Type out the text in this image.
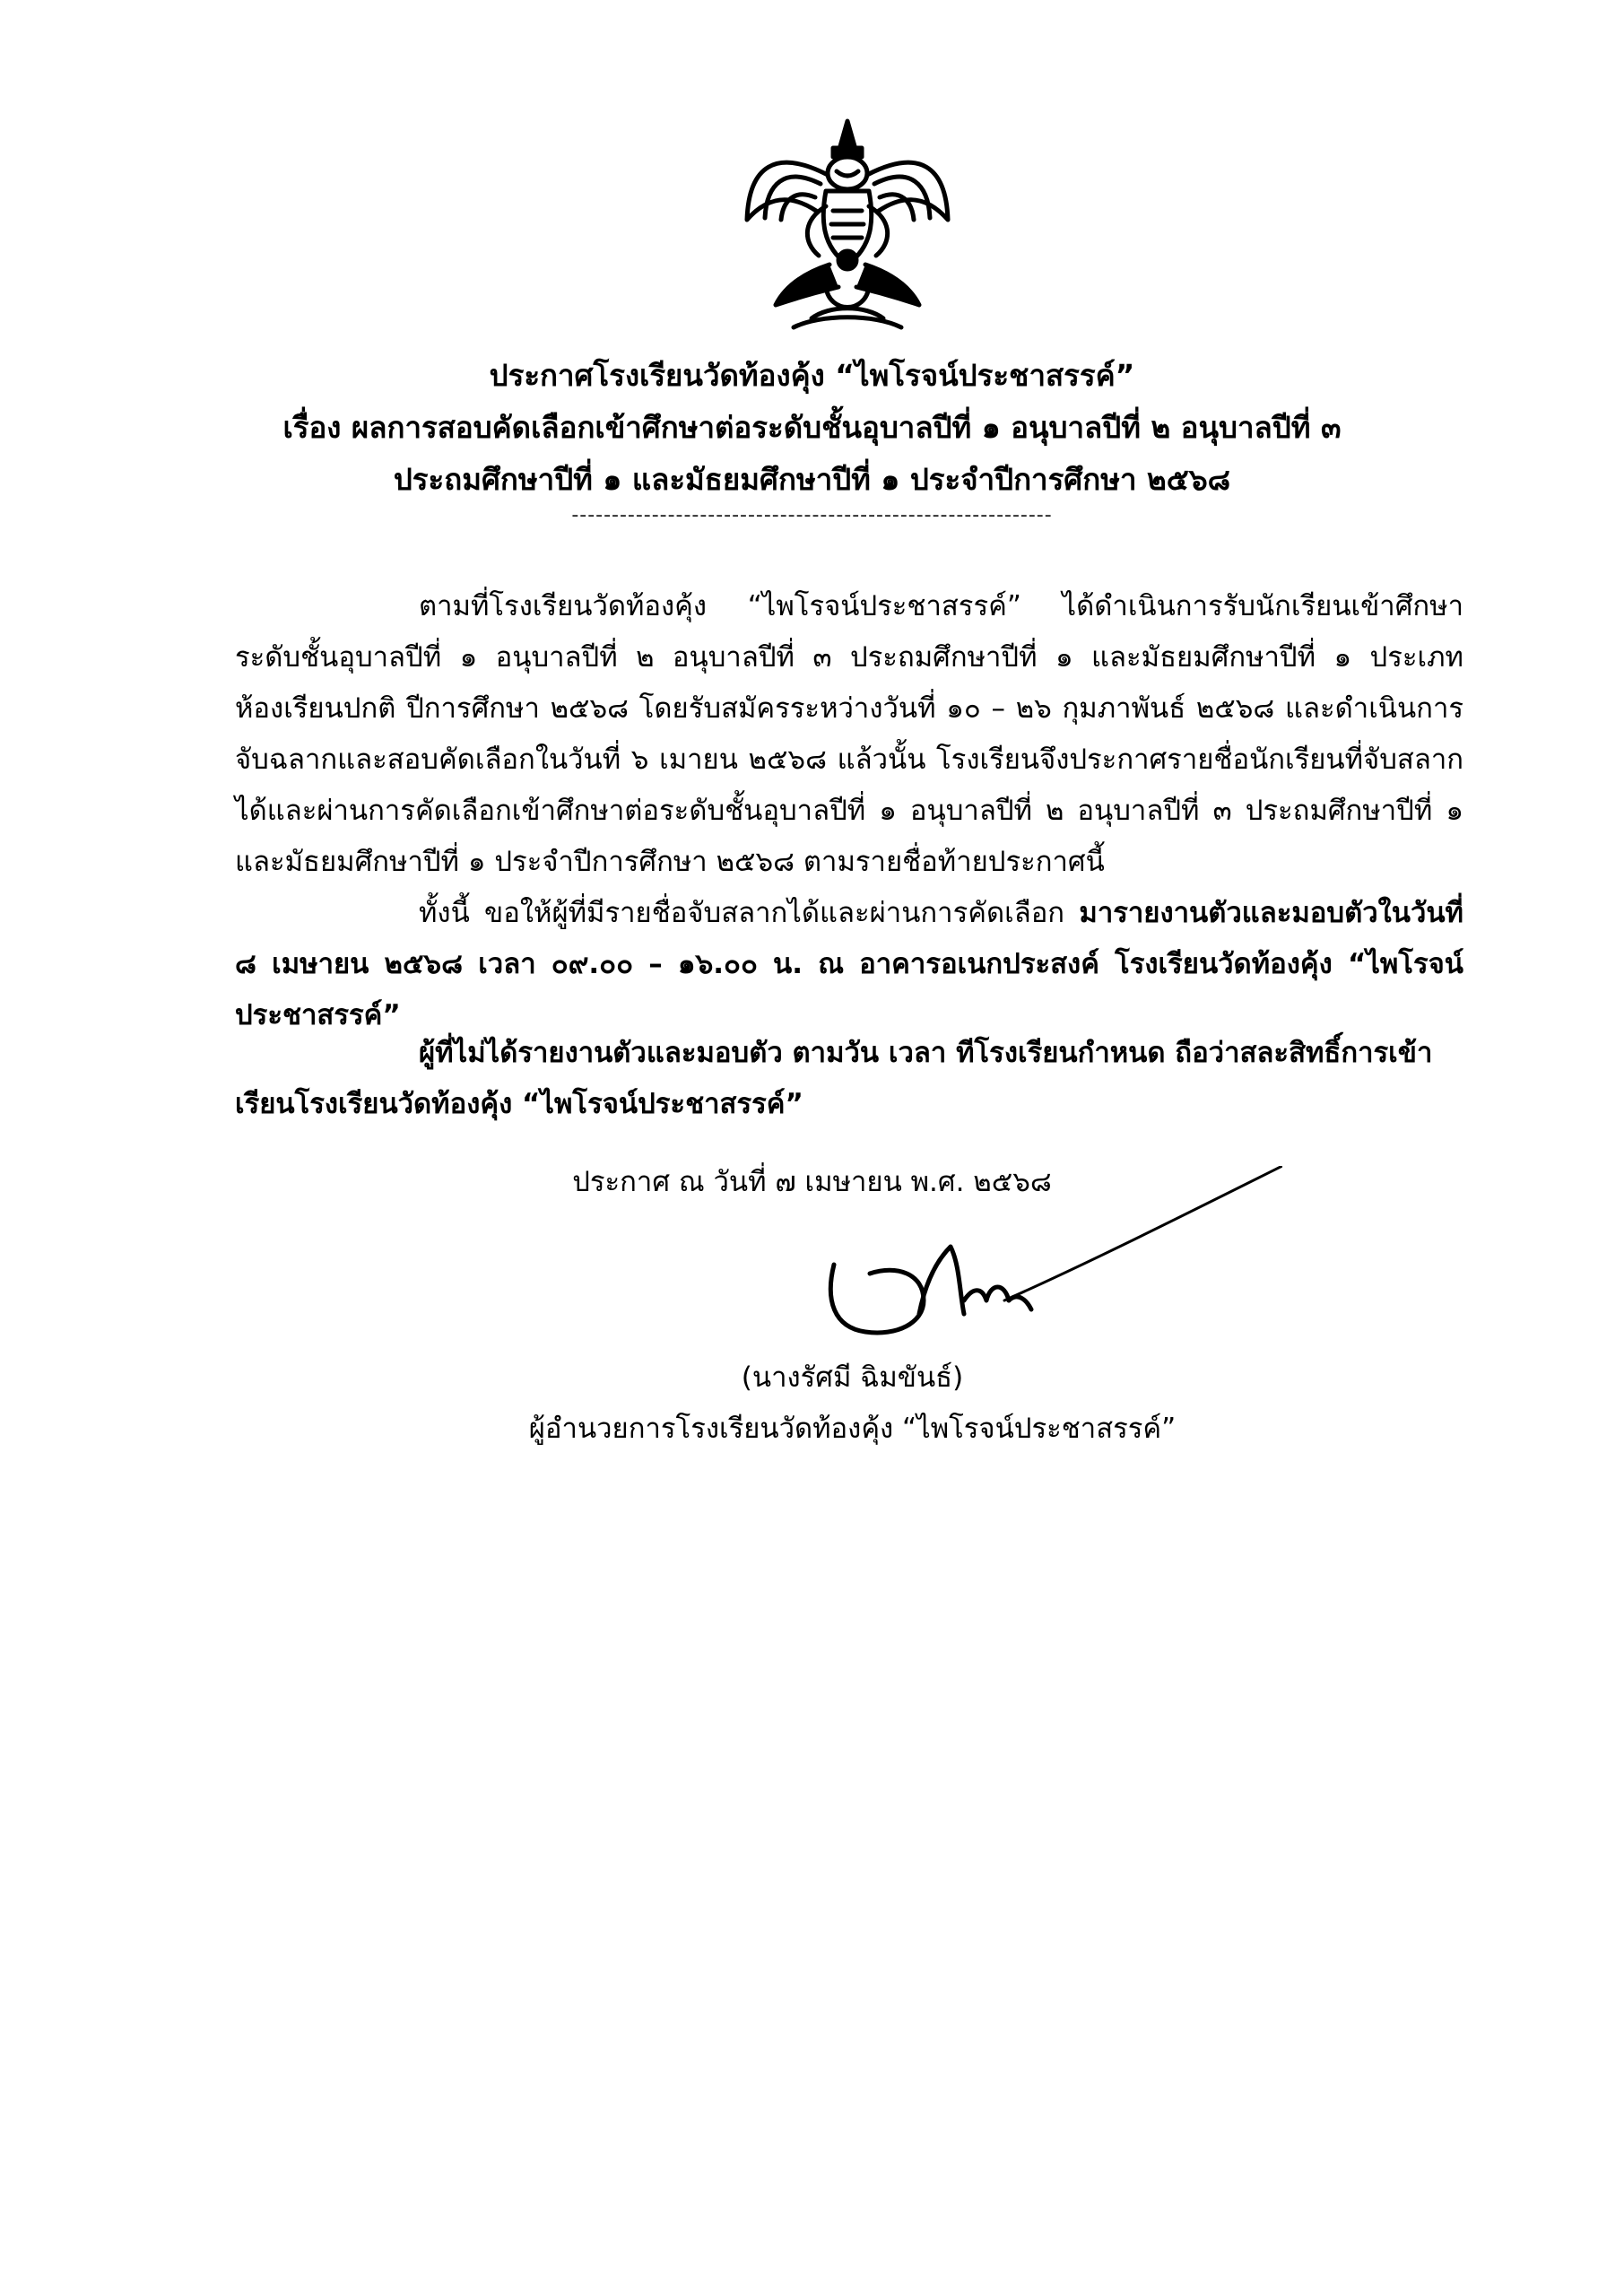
ประกาศโรงเรียนวัดท้องคุ้ง “ไพโรจน์ประชาสรรค์”
เรื่อง ผลการสอบคัดเลือกเข้าศึกษาต่อระดับชั้นอุบาลปีที่ ๑ อนุบาลปีที่ ๒ อนุบาลปีที่ ๓
ประถมศึกษาปีที่ ๑ และมัธยมศึกษาปีที่ ๑ ประจำปีการศึกษา ๒๕๖๘
------------------------------------------------------------
ตามที่โรงเรียนวัดท้องคุ้ง “ไพโรจน์ประชาสรรค์” ได้ดำเนินการรับนักเรียนเข้าศึกษาระดับชั้นอุบาลปีที่ ๑ อนุบาลปีที่ ๒ อนุบาลปีที่ ๓ ประถมศึกษาปีที่ ๑ และมัธยมศึกษาปีที่ ๑ ประเภทห้องเรียนปกติ ปีการศึกษา ๒๕๖๘ โดยรับสมัครระหว่างวันที่ ๑๐ – ๒๖ กุมภาพันธ์ ๒๕๖๘ และดำเนินการจับฉลากและสอบคัดเลือกในวันที่ ๖ เมายน ๒๕๖๘ แล้วนั้น โรงเรียนจึงประกาศรายชื่อนักเรียนที่จับสลากได้และผ่านการคัดเลือกเข้าศึกษาต่อระดับชั้นอุบาลปีที่ ๑ อนุบาลปีที่ ๒ อนุบาลปีที่ ๓ ประถมศึกษาปีที่ ๑ และมัธยมศึกษาปีที่ ๑ ประจำปีการศึกษา ๒๕๖๘ ตามรายชื่อท้ายประกาศนี้
ทั้งนี้ ขอให้ผู้ที่มีรายชื่อจับสลากได้และผ่านการคัดเลือก มารายงานตัวและมอบตัวในวันที่ ๘ เมษายน ๒๕๖๘ เวลา ๐๙.๐๐ – ๑๖.๐๐ น. ณ อาคารอเนกประสงค์ โรงเรียนวัดท้องคุ้ง “ไพโรจน์ประชาสรรค์”
ผู้ที่ไม่ได้รายงานตัวและมอบตัว ตามวัน เวลา ทีโรงเรียนกำหนด ถือว่าสละสิทธิ์การเข้าเรียนโรงเรียนวัดท้องคุ้ง “ไพโรจน์ประชาสรรค์”
ประกาศ ณ วันที่ ๗ เมษายน พ.ศ. ๒๕๖๘
(นางรัศมี ฉิมขันธ์)
ผู้อำนวยการโรงเรียนวัดท้องคุ้ง “ไพโรจน์ประชาสรรค์”
